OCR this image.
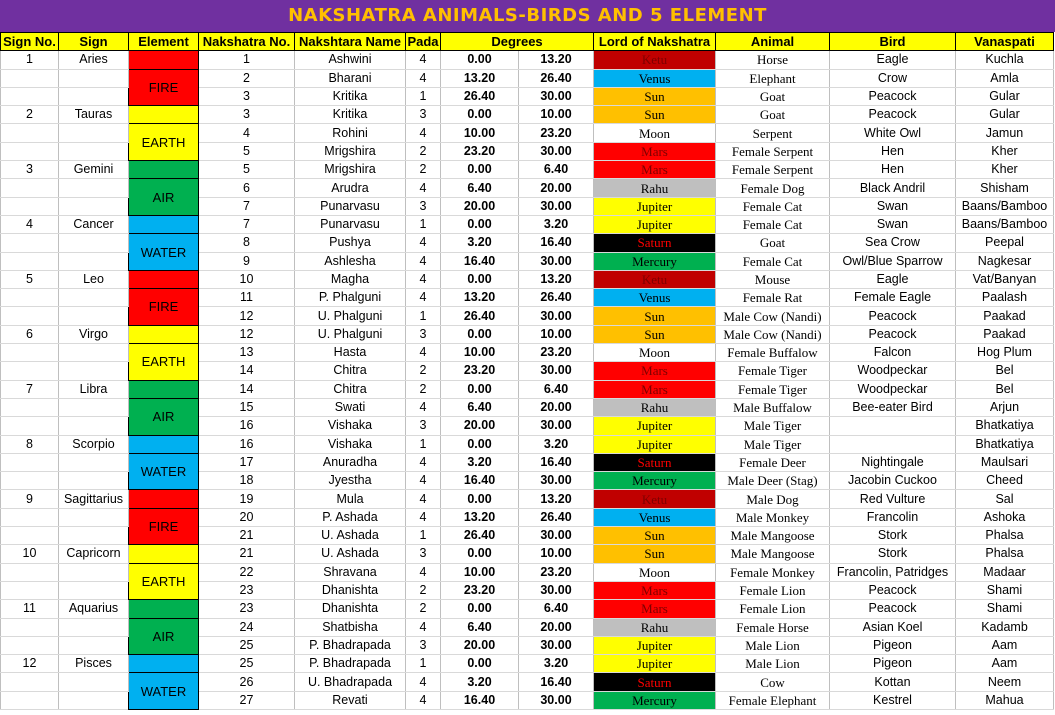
NAKSHATRA ANIMALS-BIRDS AND 5 ELEMENT
Sign No.	Sign	Element	Nakshatra No.	Nakshtara Name	Pada	Degrees		Lord of Nakshatra	Animal	Bird	Vanaspati
1	Aries		1	Ashwini	4	0.00	13.20	Ketu	Horse	Eagle	Kuchla
		FIRE	2	Bharani	4	13.20	26.40	Venus	Elephant	Crow	Amla
			3	Kritika	1	26.40	30.00	Sun	Goat	Peacock	Gular
2	Tauras		3	Kritika	3	0.00	10.00	Sun	Goat	Peacock	Gular
		EARTH	4	Rohini	4	10.00	23.20	Moon	Serpent	White Owl	Jamun
			5	Mrigshira	2	23.20	30.00	Mars	Female Serpent	Hen	Kher
3	Gemini		5	Mrigshira	2	0.00	6.40	Mars	Female Serpent	Hen	Kher
		AIR	6	Arudra	4	6.40	20.00	Rahu	Female Dog	Black Andril	Shisham
			7	Punarvasu	3	20.00	30.00	Jupiter	Female Cat	Swan	Baans/Bamboo
4	Cancer		7	Punarvasu	1	0.00	3.20	Jupiter	Female Cat	Swan	Baans/Bamboo
		WATER	8	Pushya	4	3.20	16.40	Saturn	Goat	Sea Crow	Peepal
			9	Ashlesha	4	16.40	30.00	Mercury	Female Cat	Owl/Blue Sparrow	Nagkesar
5	Leo		10	Magha	4	0.00	13.20	Ketu	Mouse	Eagle	Vat/Banyan
		FIRE	11	P. Phalguni	4	13.20	26.40	Venus	Female Rat	Female Eagle	Paalash
			12	U. Phalguni	1	26.40	30.00	Sun	Male Cow (Nandi)	Peacock	Paakad
6	Virgo		12	U. Phalguni	3	0.00	10.00	Sun	Male Cow (Nandi)	Peacock	Paakad
		EARTH	13	Hasta	4	10.00	23.20	Moon	Female Buffalow	Falcon	Hog Plum
			14	Chitra	2	23.20	30.00	Mars	Female Tiger	Woodpeckar	Bel
7	Libra		14	Chitra	2	0.00	6.40	Mars	Female Tiger	Woodpeckar	Bel
		AIR	15	Swati	4	6.40	20.00	Rahu	Male Buffalow	Bee-eater Bird	Arjun
			16	Vishaka	3	20.00	30.00	Jupiter	Male Tiger		Bhatkatiya
8	Scorpio		16	Vishaka	1	0.00	3.20	Jupiter	Male Tiger		Bhatkatiya
		WATER	17	Anuradha	4	3.20	16.40	Saturn	Female Deer	Nightingale	Maulsari
			18	Jyestha	4	16.40	30.00	Mercury	Male Deer (Stag)	Jacobin Cuckoo	Cheed
9	Sagittarius		19	Mula	4	0.00	13.20	Ketu	Male Dog	Red Vulture	Sal
		FIRE	20	P. Ashada	4	13.20	26.40	Venus	Male Monkey	Francolin	Ashoka
			21	U. Ashada	1	26.40	30.00	Sun	Male Mangoose	Stork	Phalsa
10	Capricorn		21	U. Ashada	3	0.00	10.00	Sun	Male Mangoose	Stork	Phalsa
		EARTH	22	Shravana	4	10.00	23.20	Moon	Female Monkey	Francolin, Patridges	Madaar
			23	Dhanishta	2	23.20	30.00	Mars	Female Lion	Peacock	Shami
11	Aquarius		23	Dhanishta	2	0.00	6.40	Mars	Female Lion	Peacock	Shami
		AIR	24	Shatbisha	4	6.40	20.00	Rahu	Female Horse	Asian Koel	Kadamb
			25	P. Bhadrapada	3	20.00	30.00	Jupiter	Male Lion	Pigeon	Aam
12	Pisces		25	P. Bhadrapada	1	0.00	3.20	Jupiter	Male Lion	Pigeon	Aam
		WATER	26	U. Bhadrapada	4	3.20	16.40	Saturn	Cow	Kottan	Neem
			27	Revati	4	16.40	30.00	Mercury	Female Elephant	Kestrel	Mahua
